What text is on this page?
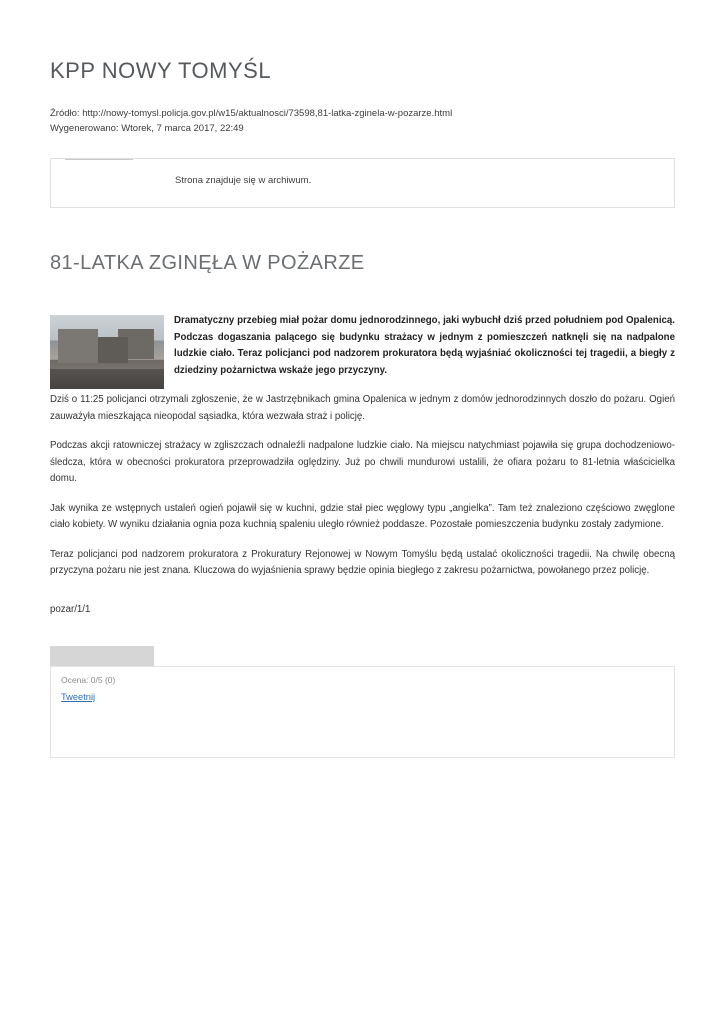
KPP NOWY TOMYŚL
Źródło: http://nowy-tomysl.policja.gov.pl/w15/aktualnosci/73598,81-latka-zginela-w-pozarze.html
Wygenerowano: Wtorek, 7 marca 2017, 22:49
Strona znajduje się w archiwum.
81-LATKA ZGINĘŁA W POŻARZE

Dramatyczny przebieg miał pożar domu jednorodzinnego, jaki wybuchł dziś przed południem pod Opalenicą. Podczas dogaszania palącego się budynku strażacy w jednym z pomieszczeń natknęli się na nadpalone ludzkie ciało. Teraz policjanci pod nadzorem prokuratora będą wyjaśniać okoliczności tej tragedii, a biegły z dziedziny pożarnictwa wskaże jego przyczyny.

Dziś o 11:25 policjanci otrzymali zgłoszenie, że w Jastrzębnikach gmina Opalenica w jednym z domów jednorodzinnych doszło do pożaru. Ogień zauważyła mieszkająca nieopodal sąsiadka, która wezwała straż i policję.

Podczas akcji ratowniczej strażacy w zgliszczach odnaleźli nadpalone ludzkie ciało. Na miejscu natychmiast pojawiła się grupa dochodzeniowo-śledcza, która w obecności prokuratora przeprowadziła oględziny. Już po chwili mundurowi ustalili, że ofiara pożaru to 81-letnia właścicielka domu.

Jak wynika ze wstępnych ustaleń ogień pojawił się w kuchni, gdzie stał piec węglowy typu „angielka”. Tam też znaleziono częściowo zwęglone ciało kobiety. W wyniku działania ognia poza kuchnią spaleniu uległo również poddasze. Pozostałe pomieszczenia budynku zostały zadymione.

Teraz policjanci pod nadzorem prokuratora z Prokuratury Rejonowej w Nowym Tomyślu będą ustalać okoliczności tragedii. Na chwilę obecną przyczyna pożaru nie jest znana. Kluczowa do wyjaśnienia sprawy będzie opinia biegłego z zakresu pożarnictwa, powołanego przez policję.

pozar/1/1

Ocena: 0/5 (0)
Tweetnij
